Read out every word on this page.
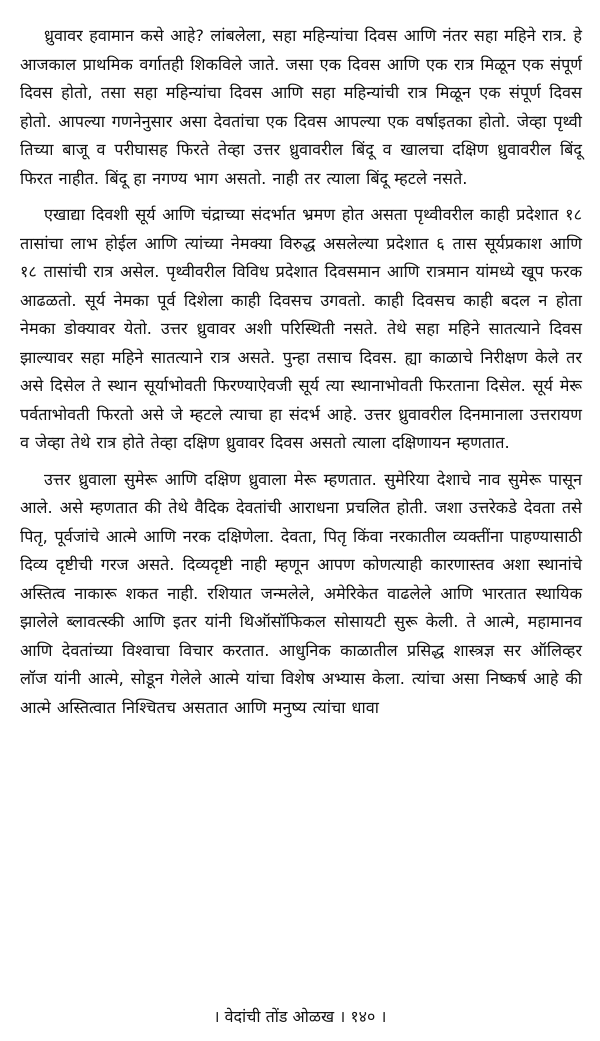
ध्रुवावर हवामान कसे आहे? लांबलेला, सहा महिन्यांचा दिवस आणि नंतर सहा महिने रात्र. हे आजकाल प्राथमिक वर्गातही शिकविले जाते. जसा एक दिवस आणि एक रात्र मिळून एक संपूर्ण दिवस होतो, तसा सहा महिन्यांचा दिवस आणि सहा महिन्यांची रात्र मिळून एक संपूर्ण दिवस होतो. आपल्या गणनेनुसार असा देवतांचा एक दिवस आपल्या एक वर्षाइतका होतो. जेव्हा पृथ्वी तिच्या बाजू व परीघासह फिरते तेव्हा उत्तर ध्रुवावरील बिंदू व खालचा दक्षिण ध्रुवावरील बिंदू फिरत नाहीत. बिंदू हा नगण्य भाग असतो. नाही तर त्याला बिंदू म्हटले नसते.

एखाद्या दिवशी सूर्य आणि चंद्राच्या संदर्भात भ्रमण होत असता पृथ्वीवरील काही प्रदेशात १८ तासांचा लाभ होईल आणि त्यांच्या नेमक्या विरुद्ध असलेल्या प्रदेशात ६ तास सूर्यप्रकाश आणि १८ तासांची रात्र असेल. पृथ्वीवरील विविध प्रदेशात दिवसमान आणि रात्रमान यांमध्ये खूप फरक आढळतो. सूर्य नेमका पूर्व दिशेला काही दिवसच उगवतो. काही दिवसच काही बदल न होता नेमका डोक्यावर येतो. उत्तर ध्रुवावर अशी परिस्थिती नसते. तेथे सहा महिने सातत्याने दिवस झाल्यावर सहा महिने सातत्याने रात्र असते. पुन्हा तसाच दिवस. ह्या काळाचे निरीक्षण केले तर असे दिसेल ते स्थान सूर्याभोवती फिरण्याऐवजी सूर्य त्या स्थानाभोवती फिरताना दिसेल. सूर्य मेरू पर्वताभोवती फिरतो असे जे म्हटले त्याचा हा संदर्भ आहे. उत्तर ध्रुवावरील दिनमानाला उत्तरायण व जेव्हा तेथे रात्र होते तेव्हा दक्षिण ध्रुवावर दिवस असतो त्याला दक्षिणायन म्हणतात.

उत्तर ध्रुवाला सुमेरू आणि दक्षिण ध्रुवाला मेरू म्हणतात. सुमेरिया देशाचे नाव सुमेरू पासून आले. असे म्हणतात की तेथे वैदिक देवतांची आराधना प्रचलित होती. जशा उत्तरेकडे देवता तसे पितृ, पूर्वजांचे आत्मे आणि नरक दक्षिणेला. देवता, पितृ किंवा नरकातील व्यक्तींना पाहण्यासाठी दिव्य दृष्टीची गरज असते. दिव्यदृष्टी नाही म्हणून आपण कोणत्याही कारणास्तव अशा स्थानांचे अस्तित्व नाकारू शकत नाही. रशियात जन्मलेले, अमेरिकेत वाढलेले आणि भारतात स्थायिक झालेले ब्लावत्स्की आणि इतर यांनी थिऑसॉफिकल सोसायटी सुरू केली. ते आत्मे, महामानव आणि देवतांच्या विश्वाचा विचार करतात. आधुनिक काळातील प्रसिद्ध शास्त्रज्ञ सर ऑलिव्हर लॉज यांनी आत्मे, सोडून गेलेले आत्मे यांचा विशेष अभ्यास केला. त्यांचा असा निष्कर्ष आहे की आत्मे अस्तित्वात निश्चितच असतात आणि मनुष्य त्यांचा धावा

। वेदांची तोंड ओळख । १४० ।
